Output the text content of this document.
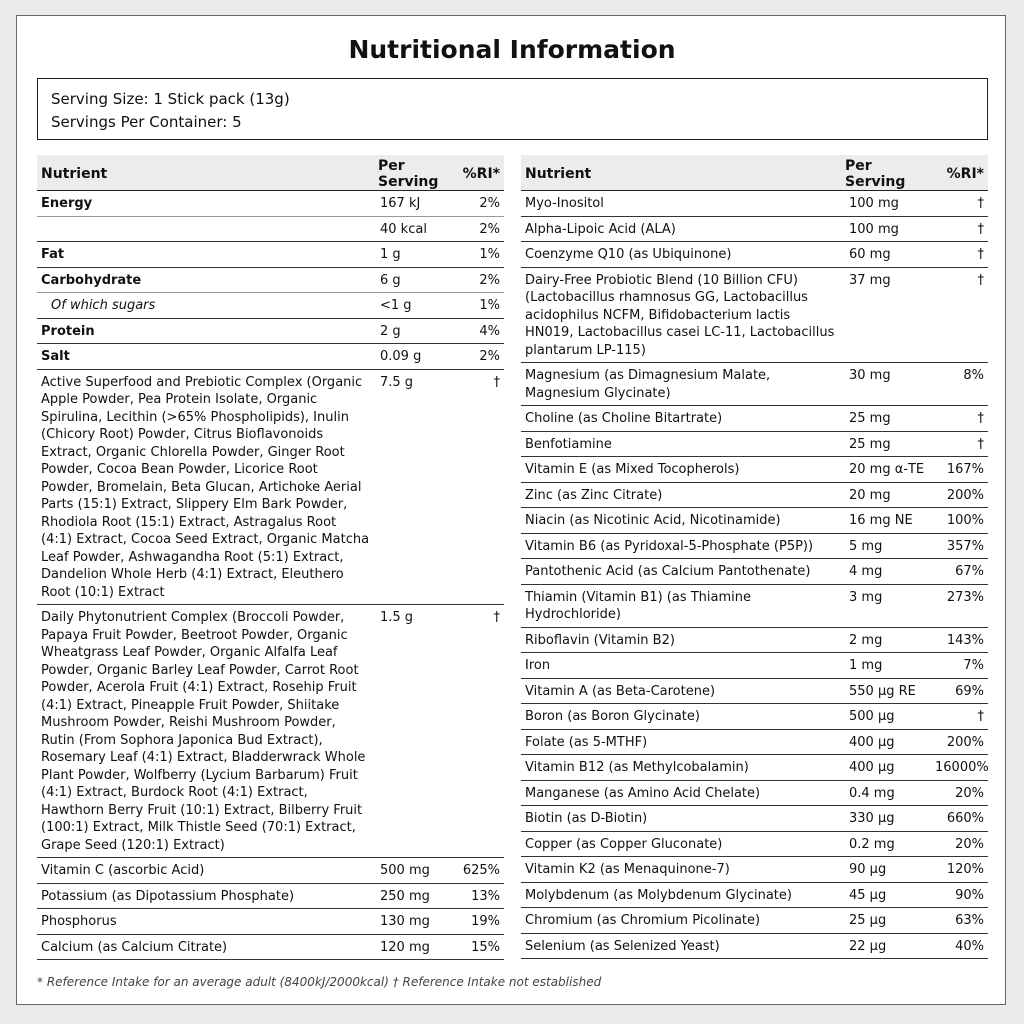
Nutritional Information
Serving Size: 1 Stick pack (13g)
Servings Per Container: 5
Nutrient	Per Serving	%RI*
Energy	167 kJ	2%
	40 kcal	2%
Fat	1 g	1%
Carbohydrate	6 g	2%
Of which sugars	<1 g	1%
Protein	2 g	4%
Salt	0.09 g	2%
Active Superfood and Prebiotic Complex (Organic Apple Powder, Pea Protein Isolate, Organic Spirulina, Lecithin (>65% Phospholipids), Inulin (Chicory Root) Powder, Citrus Bioflavonoids Extract, Organic Chlorella Powder, Ginger Root Powder, Cocoa Bean Powder, Licorice Root Powder, Bromelain, Beta Glucan, Artichoke Aerial Parts (15:1) Extract, Slippery Elm Bark Powder, Rhodiola Root (15:1) Extract, Astragalus Root (4:1) Extract, Cocoa Seed Extract, Organic Matcha Leaf Powder, Ashwagandha Root (5:1) Extract, Dandelion Whole Herb (4:1) Extract, Eleuthero Root (10:1) Extract	7.5 g	†
Daily Phytonutrient Complex (Broccoli Powder, Papaya Fruit Powder, Beetroot Powder, Organic Wheatgrass Leaf Powder, Organic Alfalfa Leaf Powder, Organic Barley Leaf Powder, Carrot Root Powder, Acerola Fruit (4:1) Extract, Rosehip Fruit (4:1) Extract, Pineapple Fruit Powder, Shiitake Mushroom Powder, Reishi Mushroom Powder, Rutin (From Sophora Japonica Bud Extract), Rosemary Leaf (4:1) Extract, Bladderwrack Whole Plant Powder, Wolfberry (Lycium Barbarum) Fruit (4:1) Extract, Burdock Root (4:1) Extract, Hawthorn Berry Fruit (10:1) Extract, Bilberry Fruit (100:1) Extract, Milk Thistle Seed (70:1) Extract, Grape Seed (120:1) Extract)	1.5 g	†
Vitamin C (ascorbic Acid)	500 mg	625%
Potassium (as Dipotassium Phosphate)	250 mg	13%
Phosphorus	130 mg	19%
Calcium (as Calcium Citrate)	120 mg	15%
Nutrient	Per Serving	%RI*
Myo-Inositol	100 mg	†
Alpha-Lipoic Acid (ALA)	100 mg	†
Coenzyme Q10 (as Ubiquinone)	60 mg	†
Dairy-Free Probiotic Blend (10 Billion CFU) (Lactobacillus rhamnosus GG, Lactobacillus acidophilus NCFM, Bifidobacterium lactis HN019, Lactobacillus casei LC-11, Lactobacillus plantarum LP-115)	37 mg	†
Magnesium (as Dimagnesium Malate, Magnesium Glycinate)	30 mg	8%
Choline (as Choline Bitartrate)	25 mg	†
Benfotiamine	25 mg	†
Vitamin E (as Mixed Tocopherols)	20 mg α-TE	167%
Zinc (as Zinc Citrate)	20 mg	200%
Niacin (as Nicotinic Acid, Nicotinamide)	16 mg NE	100%
Vitamin B6 (as Pyridoxal-5-Phosphate (P5P))	5 mg	357%
Pantothenic Acid (as Calcium Pantothenate)	4 mg	67%
Thiamin (Vitamin B1) (as Thiamine Hydrochloride)	3 mg	273%
Riboflavin (Vitamin B2)	2 mg	143%
Iron	1 mg	7%
Vitamin A (as Beta-Carotene)	550 µg RE	69%
Boron (as Boron Glycinate)	500 µg	†
Folate (as 5-MTHF)	400 µg	200%
Vitamin B12 (as Methylcobalamin)	400 µg	16000%
Manganese (as Amino Acid Chelate)	0.4 mg	20%
Biotin (as D-Biotin)	330 µg	660%
Copper (as Copper Gluconate)	0.2 mg	20%
Vitamin K2 (as Menaquinone-7)	90 µg	120%
Molybdenum (as Molybdenum Glycinate)	45 µg	90%
Chromium (as Chromium Picolinate)	25 µg	63%
Selenium (as Selenized Yeast)	22 µg	40%
* Reference Intake for an average adult (8400kJ/2000kcal) † Reference Intake not established
